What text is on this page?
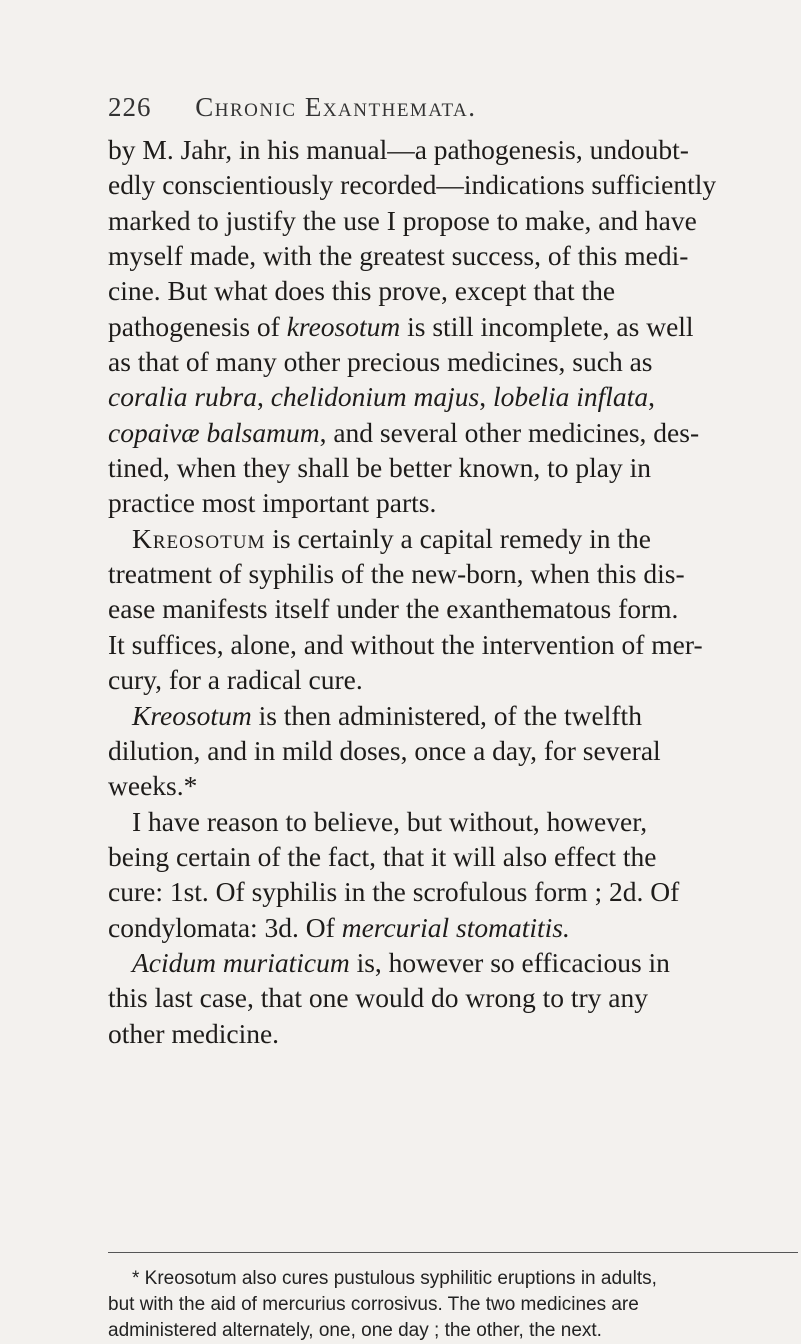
226 Chronic Exanthemata.
by M. Jahr, in his manual—a pathogenesis, undoubt-
edly conscientiously recorded—indications sufficiently
marked to justify the use I propose to make, and have
myself made, with the greatest success, of this medi-
cine. But what does this prove, except that the
pathogenesis of kreosotum is still incomplete, as well
as that of many other precious medicines, such as
coralia rubra, chelidonium majus, lobelia inflata,
copaivæ balsamum, and several other medicines, des-
tined, when they shall be better known, to play in
practice most important parts.
Kreosotum is certainly a capital remedy in the
treatment of syphilis of the new-born, when this dis-
ease manifests itself under the exanthematous form.
It suffices, alone, and without the intervention of mer-
cury, for a radical cure.
Kreosotum is then administered, of the twelfth
dilution, and in mild doses, once a day, for several
weeks.*
I have reason to believe, but without, however,
being certain of the fact, that it will also effect the
cure: 1st. Of syphilis in the scrofulous form ; 2d. Of
condylomata: 3d. Of mercurial stomatitis.
Acidum muriaticum is, however so efficacious in
this last case, that one would do wrong to try any
other medicine.
* Kreosotum also cures pustulous syphilitic eruptions in adults,
but with the aid of mercurius corrosivus. The two medicines are
administered alternately, one, one day ; the other, the next.
